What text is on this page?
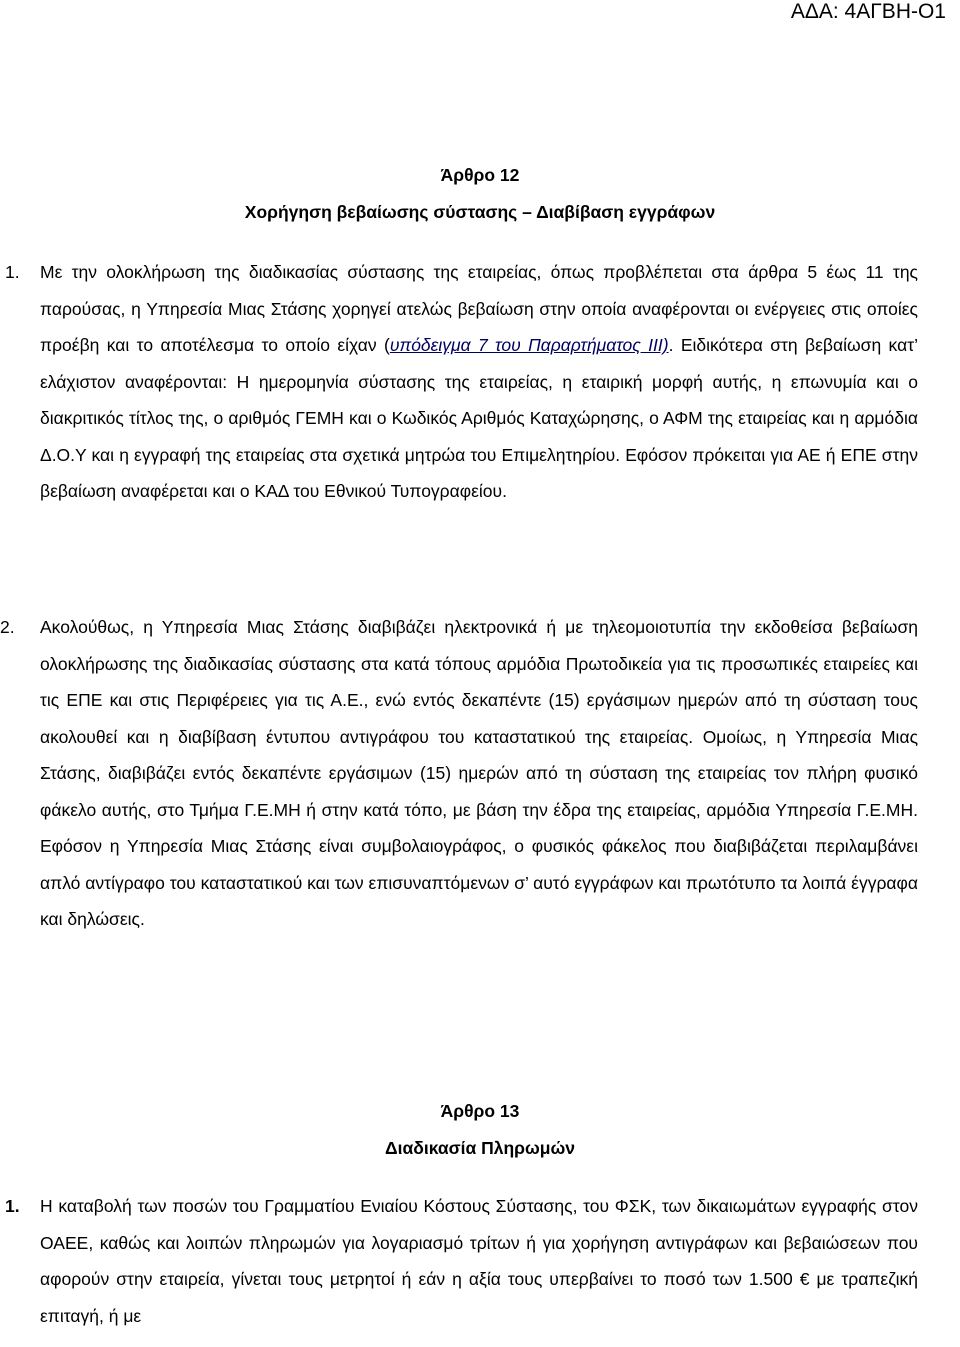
ΑΔΑ: 4ΑΓΒΗ-Ο1
Άρθρο 12
Χορήγηση βεβαίωσης σύστασης – Διαβίβαση εγγράφων
1. Με την ολοκλήρωση της διαδικασίας σύστασης της εταιρείας, όπως προβλέπεται στα άρθρα 5 έως 11 της παρούσας, η Υπηρεσία Μιας Στάσης χορηγεί ατελώς βεβαίωση στην οποία αναφέρονται οι ενέργειες στις οποίες προέβη και το αποτέλεσμα το οποίο είχαν (υπόδειγμα 7 του Παραρτήματος ΙΙΙ). Ειδικότερα στη βεβαίωση κατ’ ελάχιστον αναφέρονται: Η ημερομηνία σύστασης της εταιρείας, η εταιρική μορφή αυτής, η επωνυμία και ο διακριτικός τίτλος της, ο αριθμός ΓΕΜΗ και ο Κωδικός Αριθμός Καταχώρησης, ο ΑΦΜ της εταιρείας και η αρμόδια Δ.Ο.Υ και η εγγραφή της εταιρείας στα σχετικά μητρώα του Επιμελητηρίου. Εφόσον πρόκειται για ΑΕ ή ΕΠΕ στην βεβαίωση αναφέρεται και ο ΚΑΔ του Εθνικού Τυπογραφείου.
2. Ακολούθως, η Υπηρεσία Μιας Στάσης διαβιβάζει ηλεκτρονικά ή με τηλεομοιοτυπία την εκδοθείσα βεβαίωση ολοκλήρωσης της διαδικασίας σύστασης στα κατά τόπους αρμόδια Πρωτοδικεία για τις προσωπικές εταιρείες και τις ΕΠΕ και στις Περιφέρειες για τις Α.Ε., ενώ εντός δεκαπέντε (15) εργάσιμων ημερών από τη σύσταση τους ακολουθεί και η διαβίβαση έντυπου αντιγράφου του καταστατικού της εταιρείας. Ομοίως, η Υπηρεσία Μιας Στάσης, διαβιβάζει εντός δεκαπέντε εργάσιμων (15) ημερών από τη σύσταση της εταιρείας τον πλήρη φυσικό φάκελο αυτής, στο Τμήμα Γ.Ε.ΜΗ ή στην κατά τόπο, με βάση την έδρα της εταιρείας, αρμόδια Υπηρεσία Γ.Ε.ΜΗ. Εφόσον η Υπηρεσία Μιας Στάσης είναι συμβολαιογράφος, ο φυσικός φάκελος που διαβιβάζεται περιλαμβάνει απλό αντίγραφο του καταστατικού και των επισυναπτόμενων σ’ αυτό εγγράφων και πρωτότυπο τα λοιπά έγγραφα και δηλώσεις.
Άρθρο 13
Διαδικασία Πληρωμών
1. Η καταβολή των ποσών του Γραμματίου Ενιαίου Κόστους Σύστασης, του ΦΣΚ, των δικαιωμάτων εγγραφής στον ΟΑΕΕ, καθώς και λοιπών πληρωμών για λογαριασμό τρίτων ή για χορήγηση αντιγράφων και βεβαιώσεων που αφορούν στην εταιρεία, γίνεται τους μετρητοί ή εάν η αξία τους υπερβαίνει το ποσό των 1.500 € με τραπεζική επιταγή, ή με
